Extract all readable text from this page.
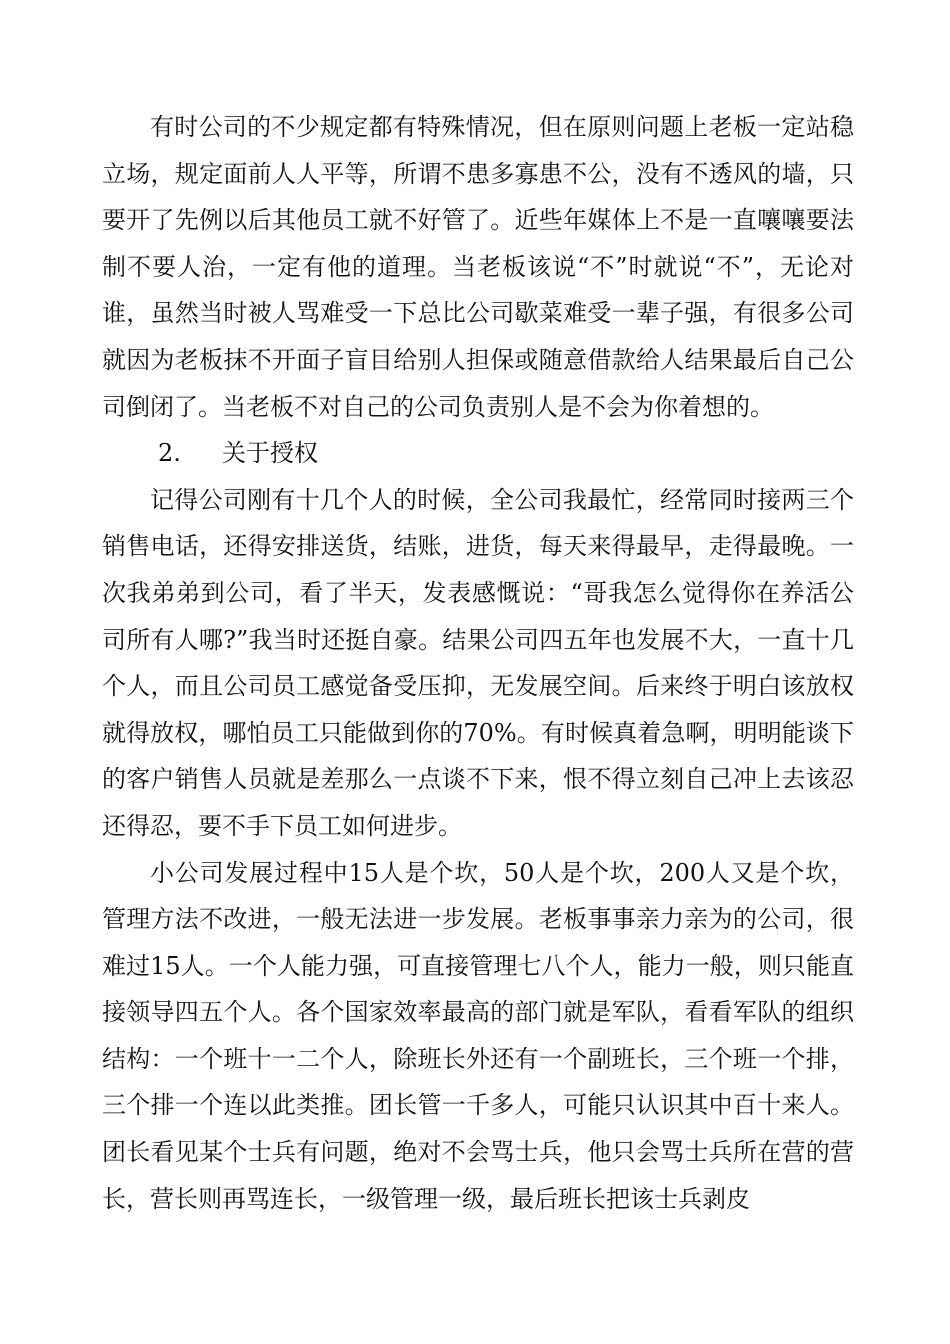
有时公司的不少规定都有特殊情况，但在原则问题上老板一定站稳立场，规定面前人人平等，所谓不患多寡患不公，没有不透风的墙，只要开了先例以后其他员工就不好管了。近些年媒体上不是一直嚷嚷要法制不要人治，一定有他的道理。当老板该说“不”时就说“不”，无论对谁，虽然当时被人骂难受一下总比公司歇菜难受一辈子强，有很多公司就因为老板抹不开面子盲目给别人担保或随意借款给人结果最后自己公司倒闭了。当老板不对自己的公司负责别人是不会为你着想的。

2. 关于授权

记得公司刚有十几个人的时候，全公司我最忙，经常同时接两三个销售电话，还得安排送货，结账，进货，每天来得最早，走得最晚。一次我弟弟到公司，看了半天，发表感慨说：“哥我怎么觉得你在养活公司所有人哪?”我当时还挺自豪。结果公司四五年也发展不大，一直十几个人，而且公司员工感觉备受压抑，无发展空间。后来终于明白该放权就得放权，哪怕员工只能做到你的70%。有时候真着急啊，明明能谈下的客户销售人员就是差那么一点谈不下来，恨不得立刻自己冲上去该忍还得忍，要不手下员工如何进步。

小公司发展过程中15人是个坎，50人是个坎，200人又是个坎，管理方法不改进，一般无法进一步发展。老板事事亲力亲为的公司，很难过15人。一个人能力强，可直接管理七八个人，能力一般，则只能直接领导四五个人。各个国家效率最高的部门就是军队，看看军队的组织结构：一个班十一二个人，除班长外还有一个副班长，三个班一个排，三个排一个连以此类推。团长管一千多人，可能只认识其中百十来人。团长看见某个士兵有问题，绝对不会骂士兵，他只会骂士兵所在营的营长，营长则再骂连长，一级管理一级，最后班长把该士兵剥皮
